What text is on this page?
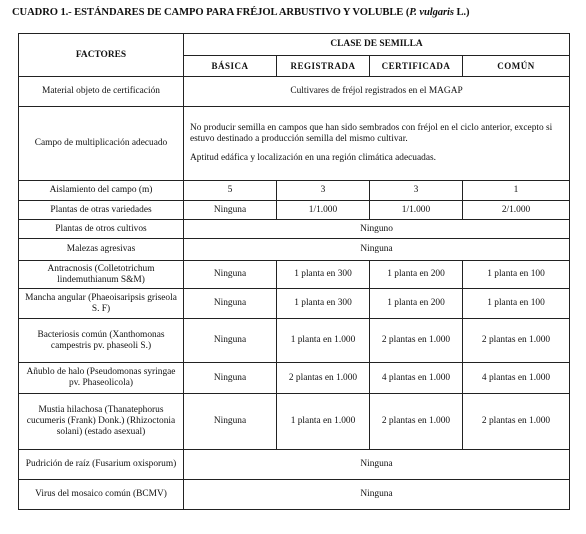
CUADRO 1.- ESTÁNDARES DE CAMPO PARA FRÉJOL ARBUSTIVO Y VOLUBLE (P. vulgaris L.)
FACTORES	CLASE DE SEMILLA			
	BÁSICA	REGISTRADA	CERTIFICADA	COMÚN
Material objeto de certificación	Cultivares de fréjol registrados en el MAGAP			
Campo de multiplicación adecuado	No producir semilla en campos que han sido sembrados con fréjol en el ciclo anterior, excepto si estuvo destinado a producción semilla del mismo cultivar.

Aptitud edáfica y localización en una región climática adecuadas.			

Aislamiento del campo (m)	5	3	3	1
Plantas de otras variedades	Ninguna	1/1.000	1/1.000	2/1.000
Plantas de otros cultivos	Ninguno			
Malezas agresivas	Ninguna			
Antracnosis (Colletotrichum lindemuthianum S&M)	Ninguna	1 planta en 300	1 planta en 200	1 planta en 100
Mancha angular (Phaeoisaripsis griseola S. F)	Ninguna	1 planta en 300	1 planta en 200	1 planta en 100
Bacteriosis común (Xanthomonas campestris pv. phaseoli S.)	Ninguna	1 planta en 1.000	2 plantas en 1.000	2 plantas en 1.000
Añublo de halo (Pseudomonas syringae pv. Phaseolicola)	Ninguna	2 plantas en 1.000	4 plantas en 1.000	4 plantas en 1.000
Mustia hilachosa (Thanatephorus cucumeris (Frank) Donk.) (Rhizoctonia solani) (estado asexual)	Ninguna	1 planta en 1.000	2 plantas en 1.000	2 plantas en 1.000
Pudrición de raíz (Fusarium oxisporum)	Ninguna			
Virus del mosaico común (BCMV)	Ninguna			
